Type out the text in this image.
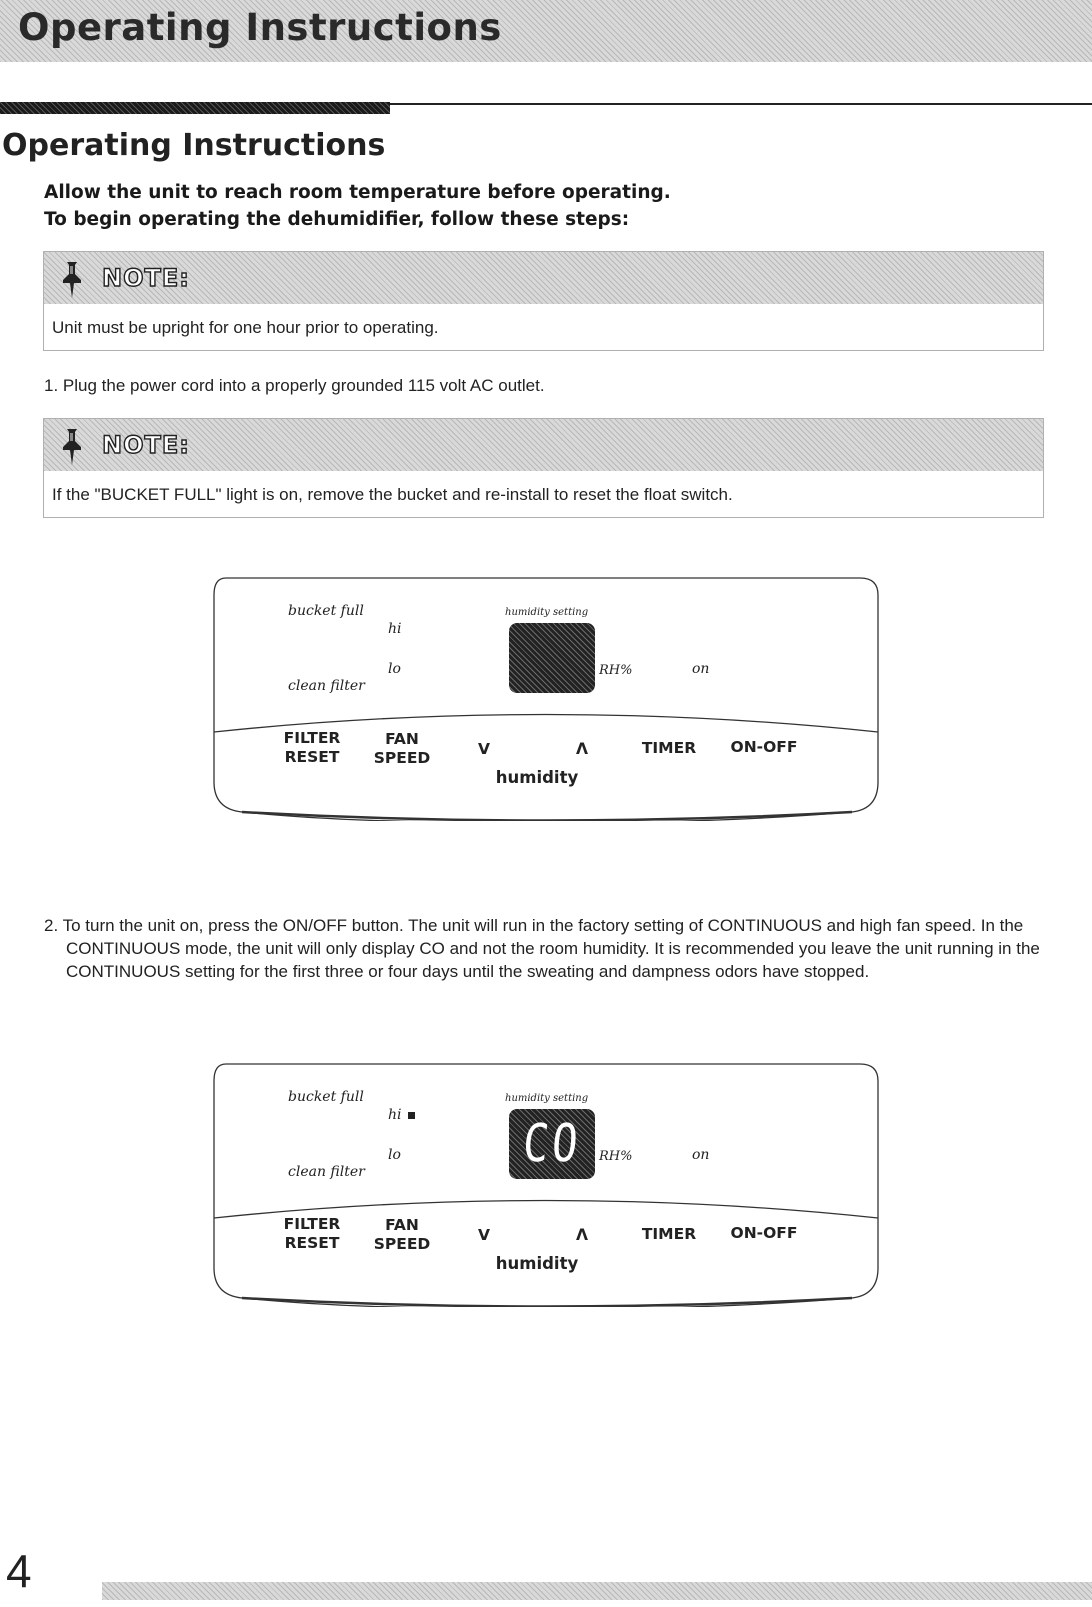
Operating Instructions
Operating Instructions
Allow the unit to reach room temperature before operating.
To begin operating the dehumidifier, follow these steps:
NOTE:
Unit must be upright for one hour prior to operating.
1. Plug the power cord into a properly grounded 115 volt AC outlet.
NOTE:
If the "BUCKET FULL" light is on, remove the bucket and re-install to reset the float switch.
bucket full
hi
lo
clean filter
humidity setting
RH%	on
FILTER
RESET
FAN
SPEED	V	Λ	TIMER	ON-OFF
humidity
2. To turn the unit on, press the ON/OFF button. The unit will run in the factory setting of CONTINUOUS and high fan speed. In the CONTINUOUS mode, the unit will only display CO and not the room humidity. It is recommended you leave the unit running in the CONTINUOUS setting for the first three or four days until the sweating and dampness odors have stopped.
bucket full
hi
lo
clean filter
humidity setting
CO	RH%	on
FILTER
RESET
FAN
SPEED	V	Λ	TIMER	ON-OFF
humidity
4
